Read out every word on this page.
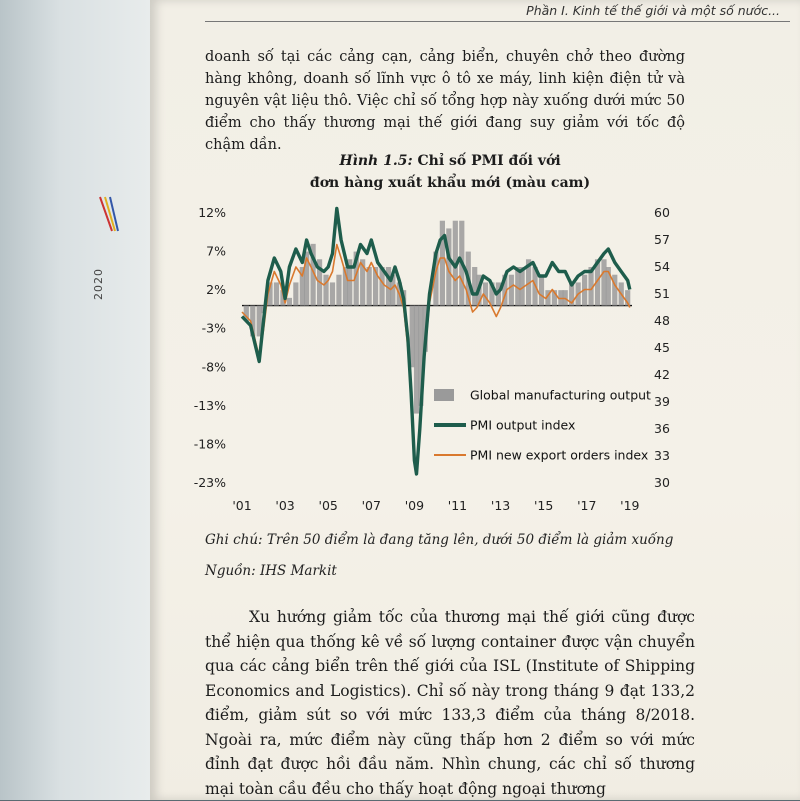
2020
Phần I. Kinh tế thế giới và một số nước...

doanh số tại các cảng cạn, cảng biển, chuyên chở theo đường hàng không, doanh số lĩnh vực ô tô xe máy, linh kiện điện tử và nguyên vật liệu thô. Việc chỉ số tổng hợp này xuống dưới mức 50 điểm cho thấy thương mại thế giới đang suy giảm với tốc độ chậm dần.

Hình 1.5: Chỉ số PMI đối với
đơn hàng xuất khẩu mới (màu cam)
12%
7%
2%
-3%
-8%
-13%
-18%
-23%
60
57
54
51
48
45
42
39
36
33
30
'01 '03 '05 '07 '09 '11 '13 '15 '17 '19
Global manufacturing output
PMI output index
PMI new export orders index
Ghi chú: Trên 50 điểm là đang tăng lên, dưới 50 điểm là giảm xuống
Nguồn: IHS Markit

Xu hướng giảm tốc của thương mại thế giới cũng được thể hiện qua thống kê về số lượng container được vận chuyển qua các cảng biển trên thế giới của ISL (Institute of Shipping Economics and Logistics). Chỉ số này trong tháng 9 đạt 133,2 điểm, giảm sút so với mức 133,3 điểm của tháng 8/2018. Ngoài ra, mức điểm này cũng thấp hơn 2 điểm so với mức đỉnh đạt được hồi đầu năm. Nhìn chung, các chỉ số thương mại toàn cầu đều cho thấy hoạt động ngoại thương
